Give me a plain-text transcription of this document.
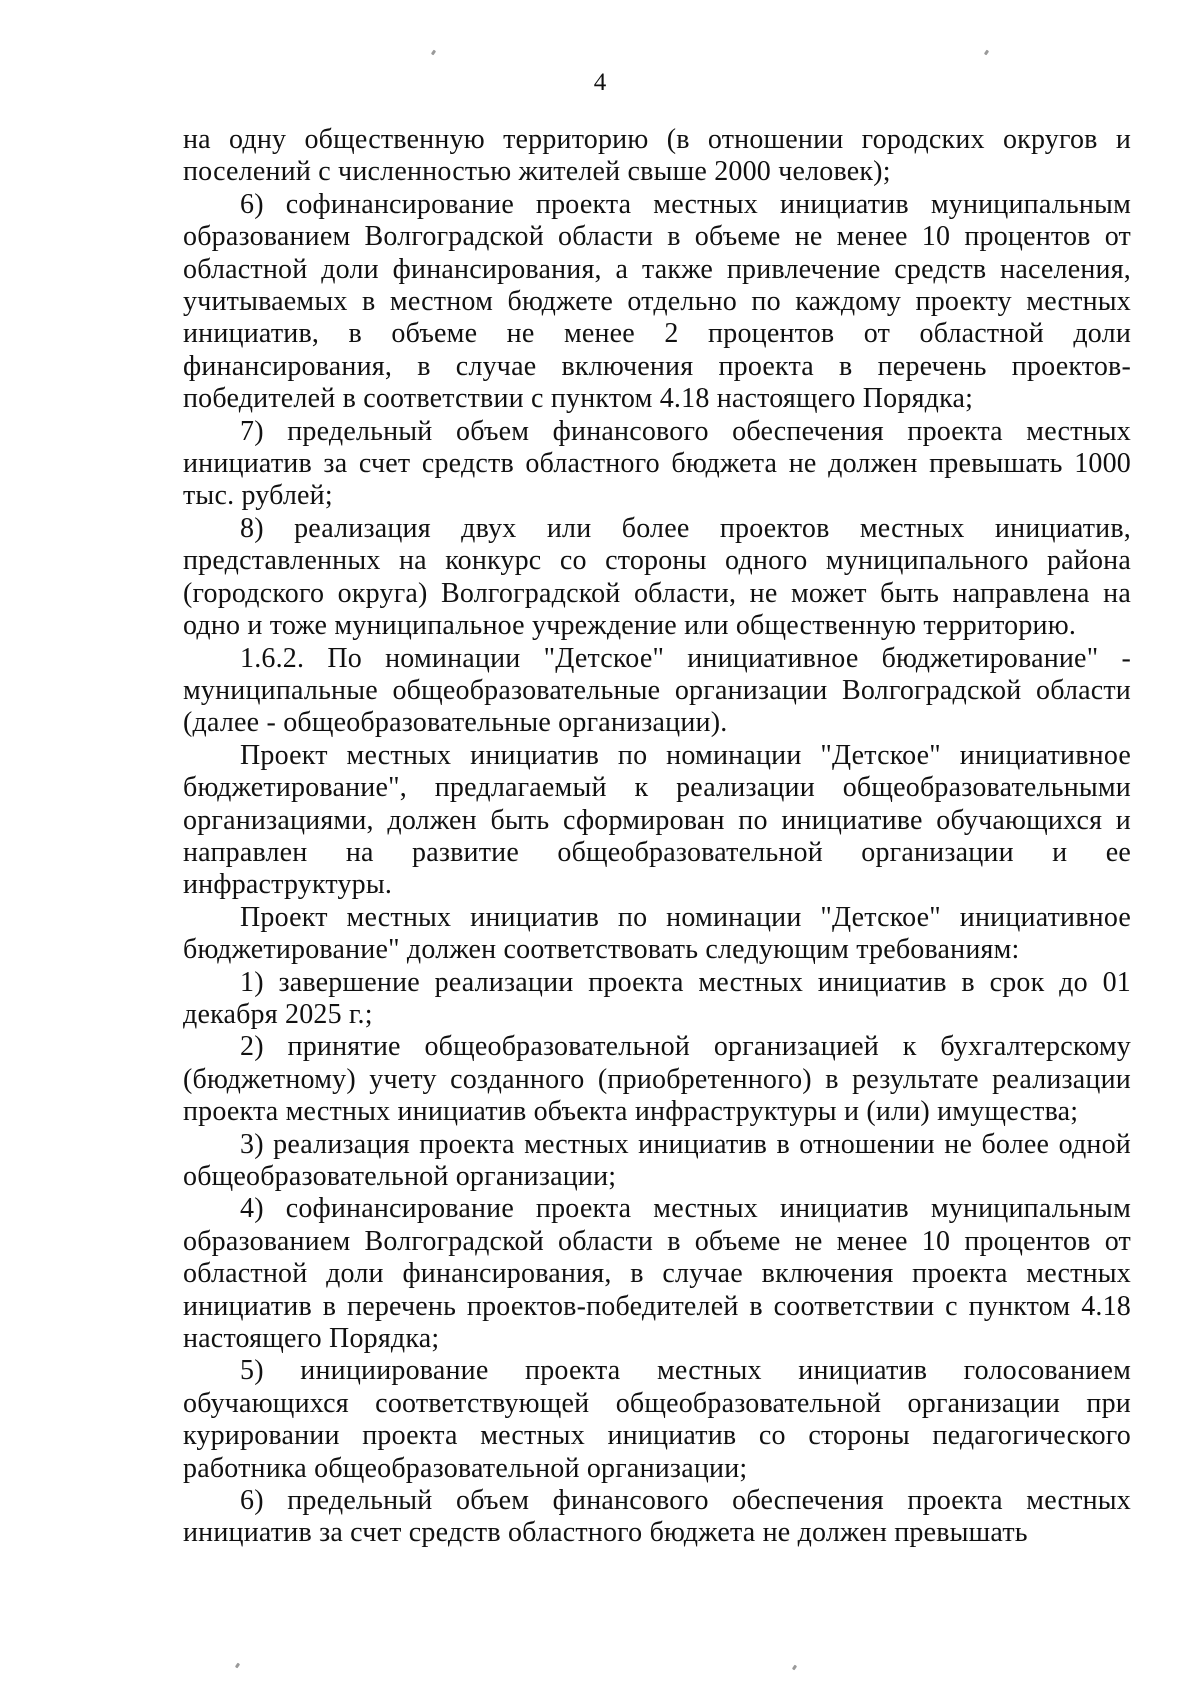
4

на одну общественную территорию (в отношении городских округов и поселений с численностью жителей свыше 2000 человек);

6) софинансирование проекта местных инициатив муниципальным образованием Волгоградской области в объеме не менее 10 процентов от областной доли финансирования, а также привлечение средств населения, учитываемых в местном бюджете отдельно по каждому проекту местных инициатив, в объеме не менее 2 процентов от областной доли финансирования, в случае включения проекта в перечень проектов-победителей в соответствии с пунктом 4.18 настоящего Порядка;

7) предельный объем финансового обеспечения проекта местных инициатив за счет средств областного бюджета не должен превышать 1000 тыс. рублей;

8) реализация двух или более проектов местных инициатив, представленных на конкурс со стороны одного муниципального района (городского округа) Волгоградской области, не может быть направлена на одно и тоже муниципальное учреждение или общественную территорию.

1.6.2. По номинации "Детское" инициативное бюджетирование" - муниципальные общеобразовательные организации Волгоградской области (далее - общеобразовательные организации).

Проект местных инициатив по номинации "Детское" инициативное бюджетирование", предлагаемый к реализации общеобразовательными организациями, должен быть сформирован по инициативе обучающихся и направлен на развитие общеобразовательной организации и ее инфраструктуры.

Проект местных инициатив по номинации "Детское" инициативное бюджетирование" должен соответствовать следующим требованиям:

1) завершение реализации проекта местных инициатив в срок до 01 декабря 2025 г.;

2) принятие общеобразовательной организацией к бухгалтерскому (бюджетному) учету созданного (приобретенного) в результате реализации проекта местных инициатив объекта инфраструктуры и (или) имущества;

3) реализация проекта местных инициатив в отношении не более одной общеобразовательной организации;

4) софинансирование проекта местных инициатив муниципальным образованием Волгоградской области в объеме не менее 10 процентов от областной доли финансирования, в случае включения проекта местных инициатив в перечень проектов-победителей в соответствии с пунктом 4.18 настоящего Порядка;

5) инициирование проекта местных инициатив голосованием обучающихся соответствующей общеобразовательной организации при курировании проекта местных инициатив со стороны педагогического работника общеобразовательной организации;

6) предельный объем финансового обеспечения проекта местных инициатив за счет средств областного бюджета не должен превышать
